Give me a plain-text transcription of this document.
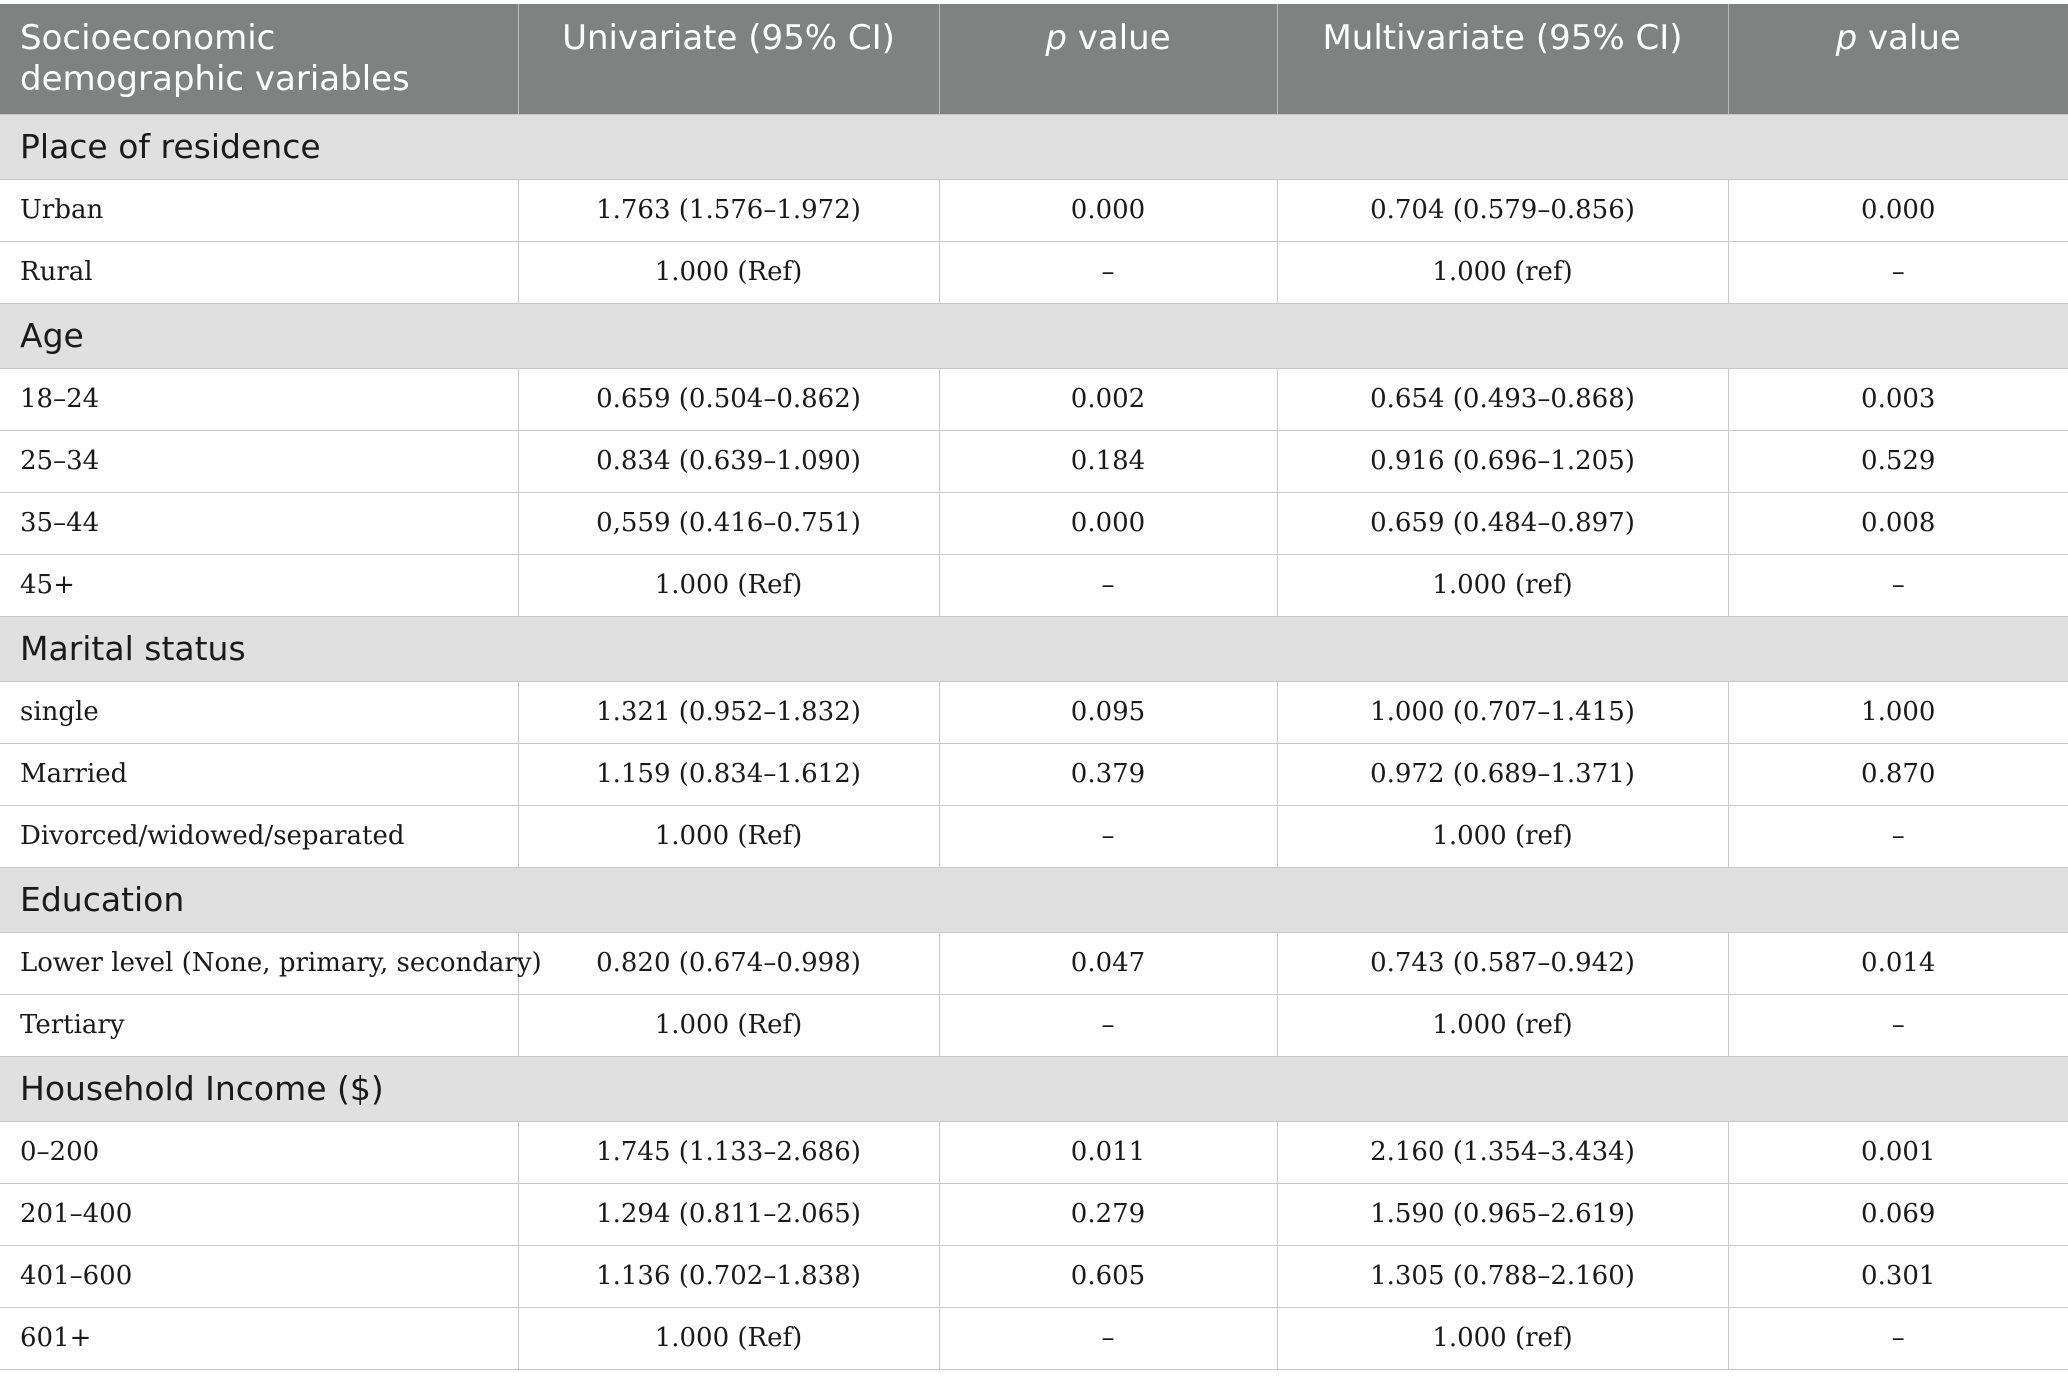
Socioeconomic demographic variables	Univariate (95% CI)	p value	Multivariate (95% CI)	p value
Place of residence				
Urban	1.763 (1.576–1.972)	0.000	0.704 (0.579–0.856)	0.000
Rural	1.000 (Ref)	–	1.000 (ref)	–
Age				
18–24	0.659 (0.504–0.862)	0.002	0.654 (0.493–0.868)	0.003
25–34	0.834 (0.639–1.090)	0.184	0.916 (0.696–1.205)	0.529
35–44	0,559 (0.416–0.751)	0.000	0.659 (0.484–0.897)	0.008
45+	1.000 (Ref)	–	1.000 (ref)	–
Marital status				
single	1.321 (0.952–1.832)	0.095	1.000 (0.707–1.415)	1.000
Married	1.159 (0.834–1.612)	0.379	0.972 (0.689–1.371)	0.870
Divorced/widowed/separated	1.000 (Ref)	–	1.000 (ref)	–
Education				
Lower level (None, primary, secondary)	0.820 (0.674–0.998)	0.047	0.743 (0.587–0.942)	0.014
Tertiary	1.000 (Ref)	–	1.000 (ref)	–
Household Income ($)				
0–200	1.745 (1.133–2.686)	0.011	2.160 (1.354–3.434)	0.001
201–400	1.294 (0.811–2.065)	0.279	1.590 (0.965–2.619)	0.069
401–600	1.136 (0.702–1.838)	0.605	1.305 (0.788–2.160)	0.301
601+	1.000 (Ref)	–	1.000 (ref)	–
